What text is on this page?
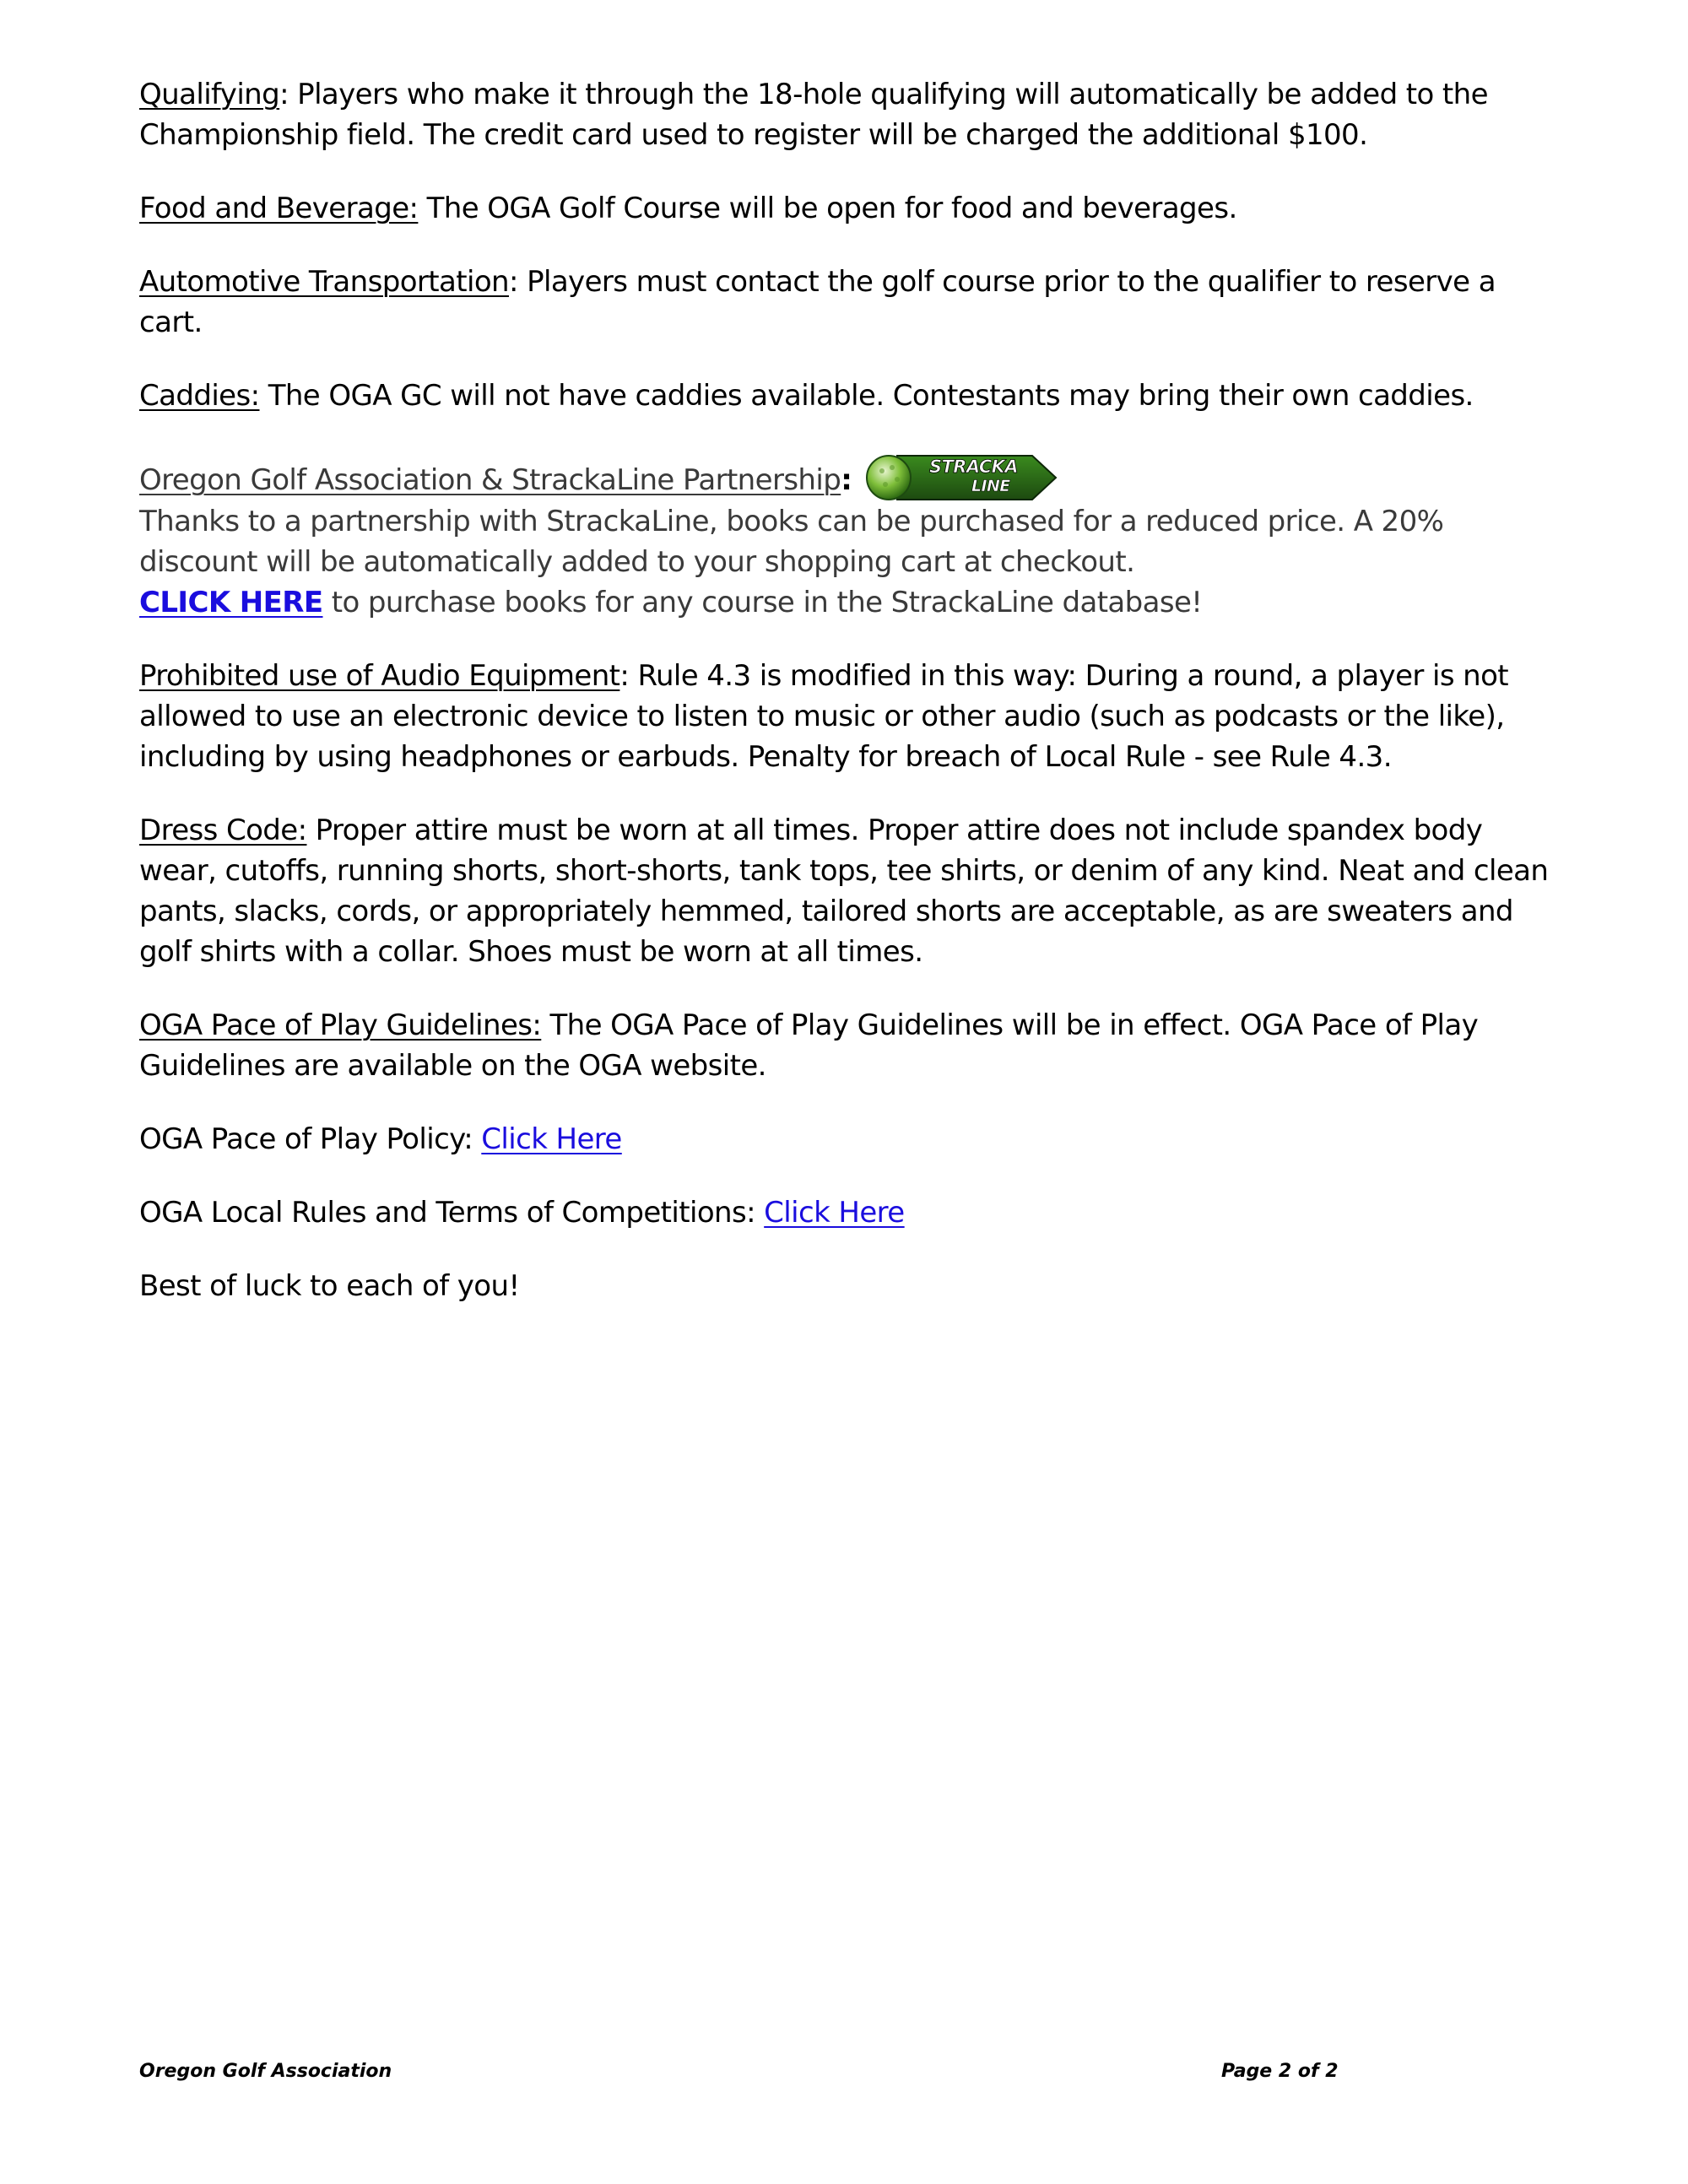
Qualifying: Players who make it through the 18-hole qualifying will automatically be added to the Championship field. The credit card used to register will be charged the additional $100.

Food and Beverage: The OGA Golf Course will be open for food and beverages.

Automotive Transportation: Players must contact the golf course prior to the qualifier to reserve a cart.

Caddies: The OGA GC will not have caddies available. Contestants may bring their own caddies.

Oregon Golf Association & StrackaLine Partnership:	STRACKA
LINE
Thanks to a partnership with StrackaLine, books can be purchased for a reduced price. A 20% discount will be automatically added to your shopping cart at checkout.
CLICK HERE to purchase books for any course in the StrackaLine database!

Prohibited use of Audio Equipment: Rule 4.3 is modified in this way: During a round, a player is not allowed to use an electronic device to listen to music or other audio (such as podcasts or the like), including by using headphones or earbuds. Penalty for breach of Local Rule - see Rule 4.3.

Dress Code: Proper attire must be worn at all times. Proper attire does not include spandex body wear, cutoffs, running shorts, short-shorts, tank tops, tee shirts, or denim of any kind. Neat and clean pants, slacks, cords, or appropriately hemmed, tailored shorts are acceptable, as are sweaters and golf shirts with a collar. Shoes must be worn at all times.

OGA Pace of Play Guidelines: The OGA Pace of Play Guidelines will be in effect. OGA Pace of Play Guidelines are available on the OGA website.

OGA Pace of Play Policy: Click Here

OGA Local Rules and Terms of Competitions: Click Here

Best of luck to each of you!

Oregon Golf Association	Page 2 of 2
